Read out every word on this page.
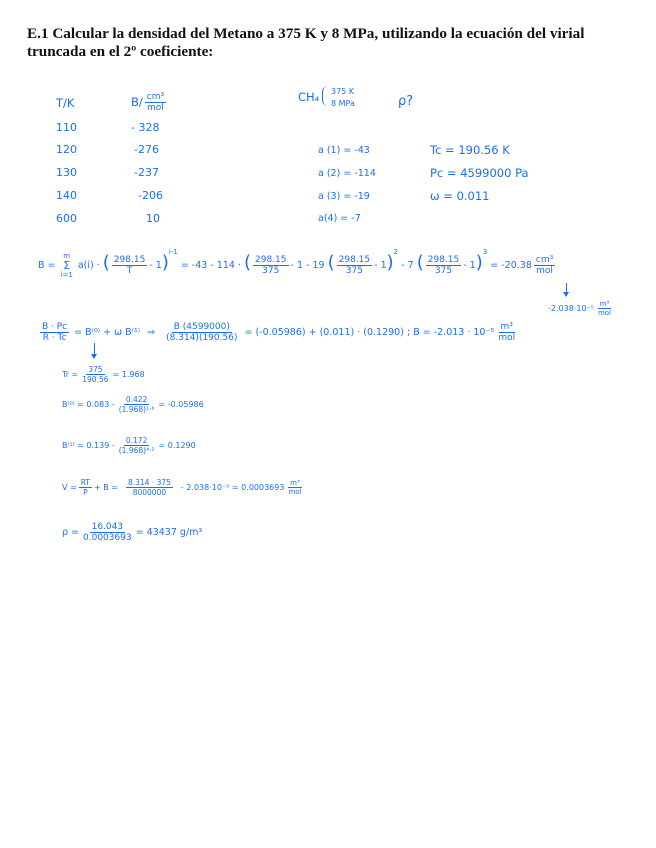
E.1 Calcular la densidad del Metano a 375 K y 8 MPa, utilizando la ecuación del virial truncada en el 2º coeficiente:
T/K	$B/ \frac{\text{cm³}}{\text{mol}}$
110	- 328
120	-276
130	-237
140	-206
600	10
CH₄ 375 K
8 MPa	ρ?
a (1) = -43
a (2) = -114
a (3) = -19
a(4) = -7
Tc = 190.56 K
Pc = 4599000 Pa
ω = 0.011
B =
m
Σ
i=1
a(i) · ( $\frac{298.15}{T} - 1)^{i-1} = -43 - 114$ · ( $\frac{298.15}{375} - 1 - 19$ ( $\frac{298.15}{375} - 1)^2 - 7$ ( $\frac{298.15}{375} - 1)^3 = -20.38 \frac{\text{cm³}}{\text{mol}}$
$-2.038\cdot 10^{-5} \frac{\text{m³}}{\text{mol}}$
$\frac{B \cdot Pc}{R \cdot Tc} = B^{(0)} + \omega$ B⁽¹⁾ ⇒ $\frac{B (4599000)}{(8.314)(190.56)} = (-0.05986) + (0.011) \cdot (0.1290)$ ; $B = -2.013 \cdot 10^{-5} \frac{\text{m³}}{\text{mol}}$
$Tr = \frac{375}{190.56} = 1.968$
$B^{(0)} = 0.083 - \frac{0.422}{\text{(1.968)¹·⁶}} = -0.05986$
$B^{(1)} = 0.139 - \frac{0.172}{\text{(1.968)⁴·²}} = 0.1290$
$V = \frac{RT}{P} + B = \frac{8.314 \cdot 375}{8000000} - 2.038\cdot 10^{-5} = 0.0003693 \frac{\text{m³}}{\text{mol}}$
$\rho = \frac{16.043}{0.0003693} = 43437$ g/m³
